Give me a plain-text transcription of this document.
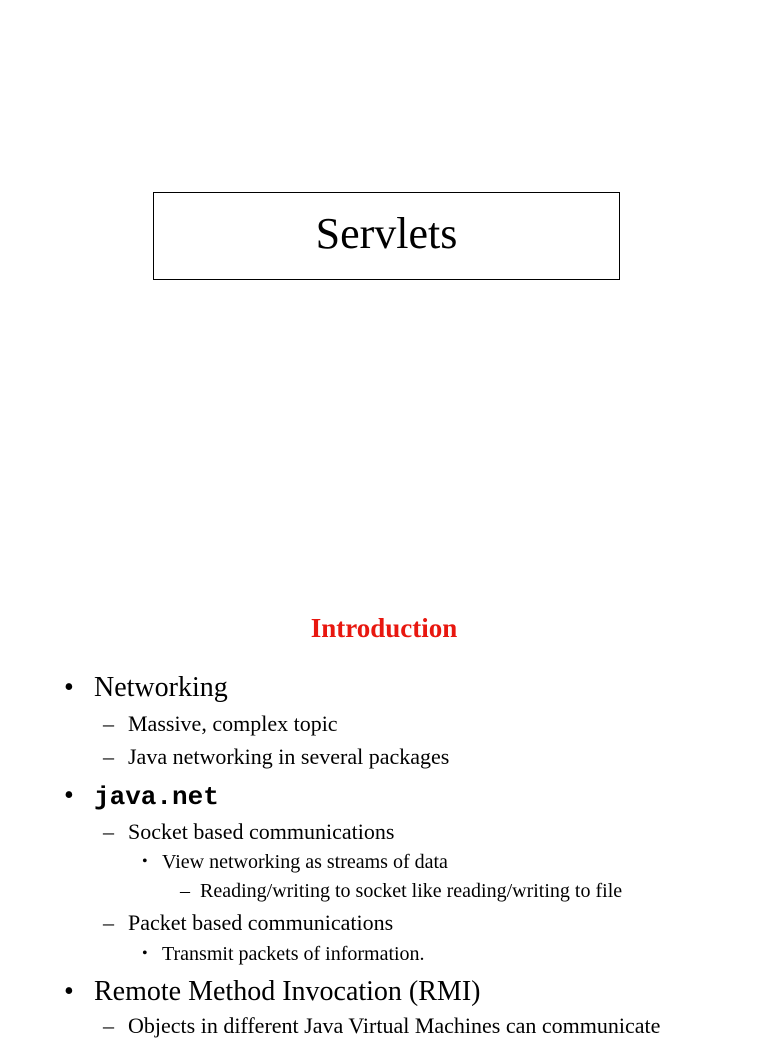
Servlets
Introduction
• Networking
– Massive, complex topic
– Java networking in several packages
• java.net
– Socket based communications
• View networking as streams of data
– Reading/writing to socket like reading/writing to file
– Packet based communications
• Transmit packets of information.
• Remote Method Invocation (RMI)
– Objects in different Java Virtual Machines can communicate
